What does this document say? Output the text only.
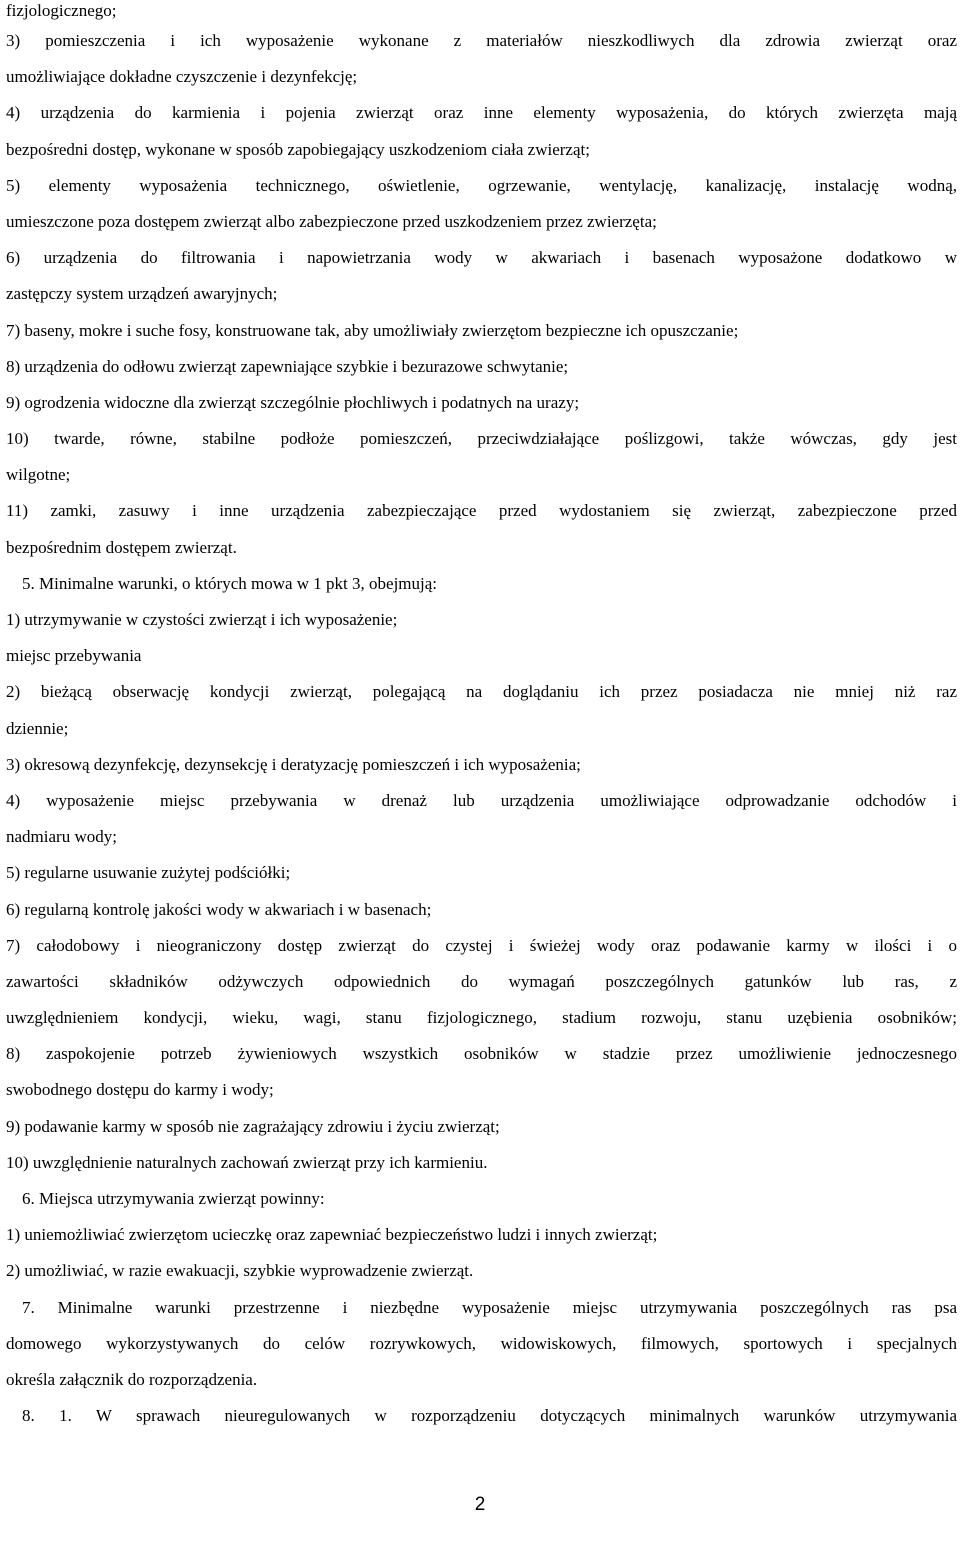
fizjologicznego;
3) pomieszczenia i ich wyposażenie wykonane z materiałów nieszkodliwych dla zdrowia zwierząt oraz
umożliwiające dokładne czyszczenie i dezynfekcję;
4) urządzenia do karmienia i pojenia zwierząt oraz inne elementy wyposażenia, do których zwierzęta mają
bezpośredni dostęp, wykonane w sposób zapobiegający uszkodzeniom ciała zwierząt;
5) elementy wyposażenia technicznego, oświetlenie, ogrzewanie, wentylację, kanalizację, instalację wodną,
umieszczone poza dostępem zwierząt albo zabezpieczone przed uszkodzeniem przez zwierzęta;
6) urządzenia do filtrowania i napowietrzania wody w akwariach i basenach wyposażone dodatkowo w
zastępczy system urządzeń awaryjnych;
7) baseny, mokre i suche fosy, konstruowane tak, aby umożliwiały zwierzętom bezpieczne ich opuszczanie;
8) urządzenia do odłowu zwierząt zapewniające szybkie i bezurazowe schwytanie;
9) ogrodzenia widoczne dla zwierząt szczególnie płochliwych i podatnych na urazy;
10) twarde, równe, stabilne podłoże pomieszczeń, przeciwdziałające poślizgowi, także wówczas, gdy jest
wilgotne;
11) zamki, zasuwy i inne urządzenia zabezpieczające przed wydostaniem się zwierząt, zabezpieczone przed
bezpośrednim dostępem zwierząt.
5. Minimalne warunki, o których mowa w 1 pkt 3, obejmują:
1) utrzymywanie w czystości zwierząt i ich wyposażenie;
miejsc przebywania
2) bieżącą obserwację kondycji zwierząt, polegającą na doglądaniu ich przez posiadacza nie mniej niż raz
dziennie;
3) okresową dezynfekcję, dezynsekcję i deratyzację pomieszczeń i ich wyposażenia;
4) wyposażenie miejsc przebywania w drenaż lub urządzenia umożliwiające odprowadzanie odchodów i
nadmiaru wody;
5) regularne usuwanie zużytej podściółki;
6) regularną kontrolę jakości wody w akwariach i w basenach;
7) całodobowy i nieograniczony dostęp zwierząt do czystej i świeżej wody oraz podawanie karmy w ilości i o
zawartości składników odżywczych odpowiednich do wymagań poszczególnych gatunków lub ras, z
uwzględnieniem kondycji, wieku, wagi, stanu fizjologicznego, stadium rozwoju, stanu uzębienia osobników;
8) zaspokojenie potrzeb żywieniowych wszystkich osobników w stadzie przez umożliwienie jednoczesnego
swobodnego dostępu do karmy i wody;
9) podawanie karmy w sposób nie zagrażający zdrowiu i życiu zwierząt;
10) uwzględnienie naturalnych zachowań zwierząt przy ich karmieniu.
6. Miejsca utrzymywania zwierząt powinny:
1) uniemożliwiać zwierzętom ucieczkę oraz zapewniać bezpieczeństwo ludzi i innych zwierząt;
2) umożliwiać, w razie ewakuacji, szybkie wyprowadzenie zwierząt.
7. Minimalne warunki przestrzenne i niezbędne wyposażenie miejsc utrzymywania poszczególnych ras psa
domowego wykorzystywanych do celów rozrywkowych, widowiskowych, filmowych, sportowych i specjalnych
określa załącznik do rozporządzenia.
8. 1. W sprawach nieuregulowanych w rozporządzeniu dotyczących minimalnych warunków utrzymywania
2
